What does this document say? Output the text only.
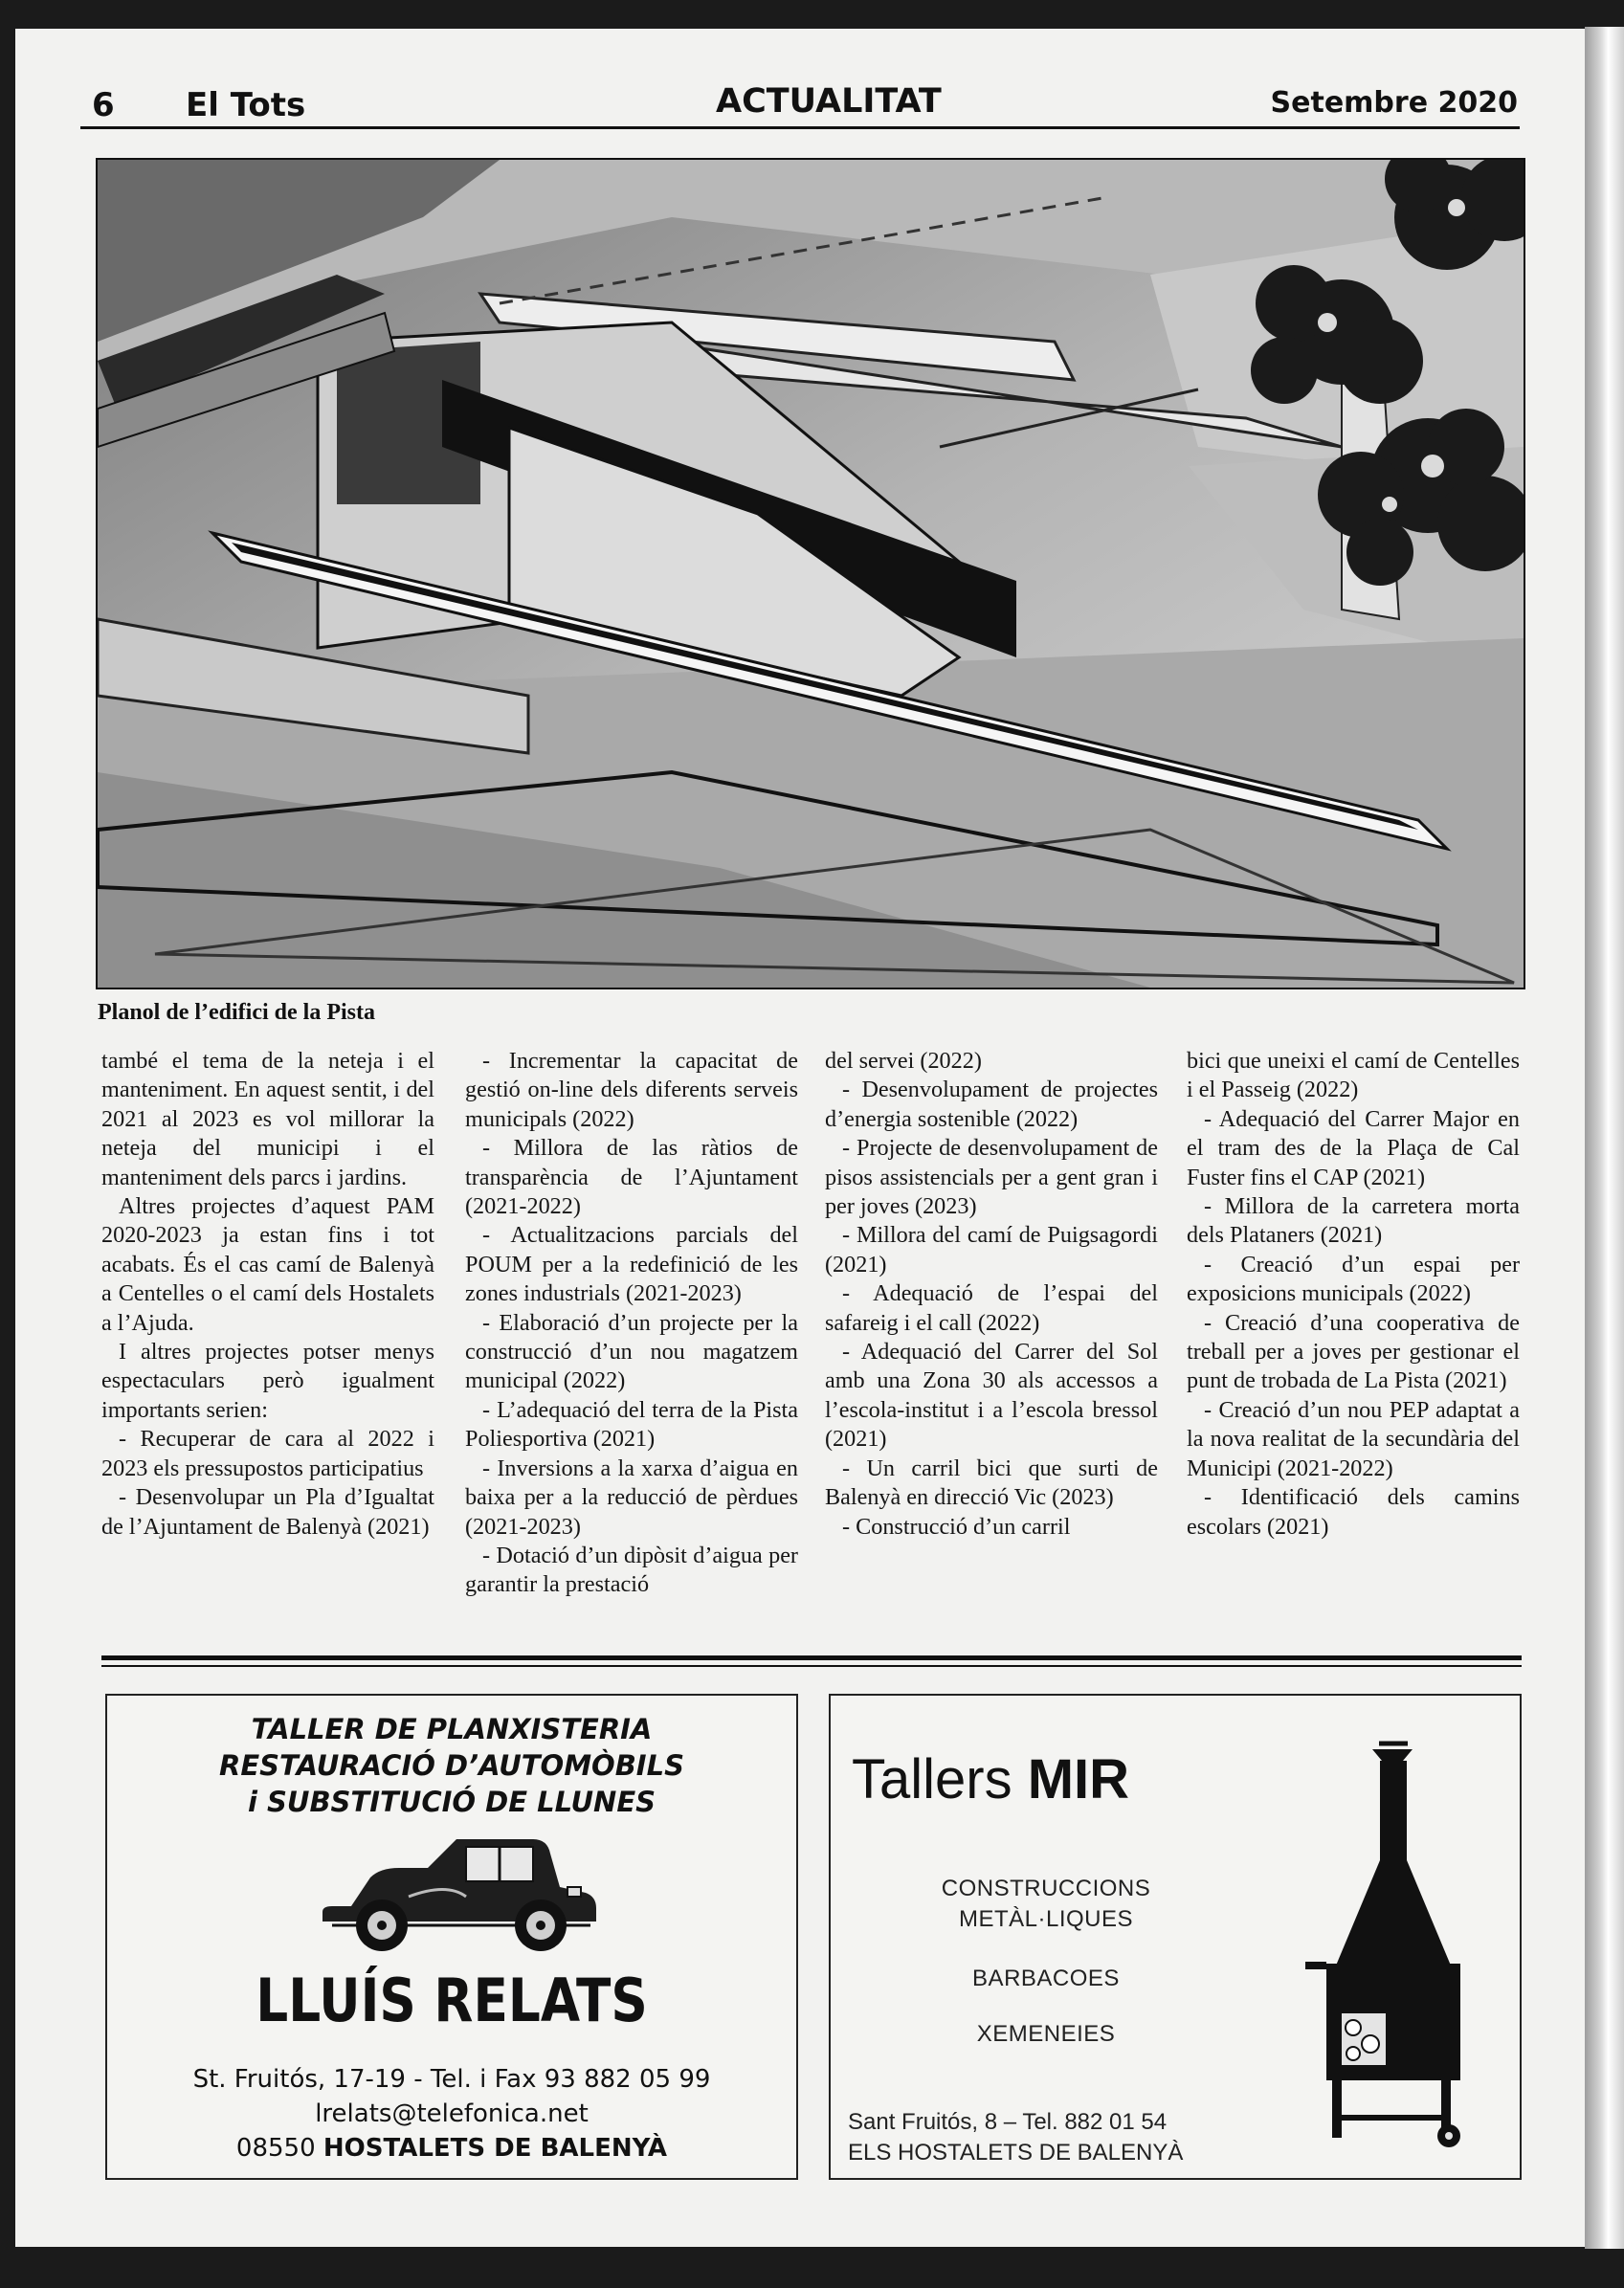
6 El Tots	ACTUALITAT	Setembre 2020
Planol de l’edifici de la Pista

també el tema de la neteja i el manteniment. En aquest sentit, i del 2021 al 2023 es vol millorar la neteja del municipi i el manteniment dels parcs i jardins.

Altres projectes d’aquest PAM 2020-2023 ja estan fins i tot acabats. És el cas camí de Balenyà a Centelles o el camí dels Hostalets a l’Ajuda.

I altres projectes potser menys espectaculars però igualment importants serien:

- Recuperar de cara al 2022 i 2023 els pressupostos participatius

- Desenvolupar un Pla d’Igualtat de l’Ajuntament de Balenyà (2021)

- Incrementar la capacitat de gestió on-line dels diferents serveis municipals (2022)

- Millora de las ràtios de transparència de l’Ajuntament (2021-2022)

- Actualitzacions parcials del POUM per a la redefinició de les zones industrials (2021-2023)

- Elaboració d’un projecte per la construcció d’un nou magatzem municipal (2022)

- L’adequació del terra de la Pista Poliesportiva (2021)

- Inversions a la xarxa d’aigua en baixa per a la reducció de pèrdues (2021-2023)

- Dotació d’un dipòsit d’aigua per garantir la prestació

del servei (2022)

- Desenvolupament de projectes d’energia sostenible (2022)

- Projecte de desenvolupament de pisos assistencials per a gent gran i per joves (2023)

- Millora del camí de Puigsagordi (2021)

- Adequació de l’espai del safareig i el call (2022)

- Adequació del Carrer del Sol amb una Zona 30 als accessos a l’escola-institut i a l’escola bressol (2021)

- Un carril bici que surti de Balenyà en direcció Vic (2023)

- Construcció d’un carril

bici que uneixi el camí de Centelles i el Passeig (2022)

- Adequació del Carrer Major en el tram des de la Plaça de Cal Fuster fins el CAP (2021)

- Millora de la carretera morta dels Plataners (2021)

- Creació d’un espai per exposicions municipals (2022)

- Creació d’una cooperativa de treball per a joves per gestionar el punt de trobada de La Pista (2021)

- Creació d’un nou PEP adaptat a la nova realitat de la secundària del Municipi (2021-2022)

- Identificació dels camins escolars (2021)

TALLER DE PLANXISTERIA
RESTAURACIÓ D’AUTOMÒBILS
i SUBSTITUCIÓ DE LLUNES
LLUÍS RELATS
St. Fruitós, 17-19 - Tel. i Fax 93 882 05 99
lrelats@telefonica.net
08550 HOSTALETS DE BALENYÀ
Tallers MIR
CONSTRUCCIONS
METÀL·LIQUES
BARBACOES
XEMENEIES
Sant Fruitós, 8 – Tel. 882 01 54
ELS HOSTALETS DE BALENYÀ
